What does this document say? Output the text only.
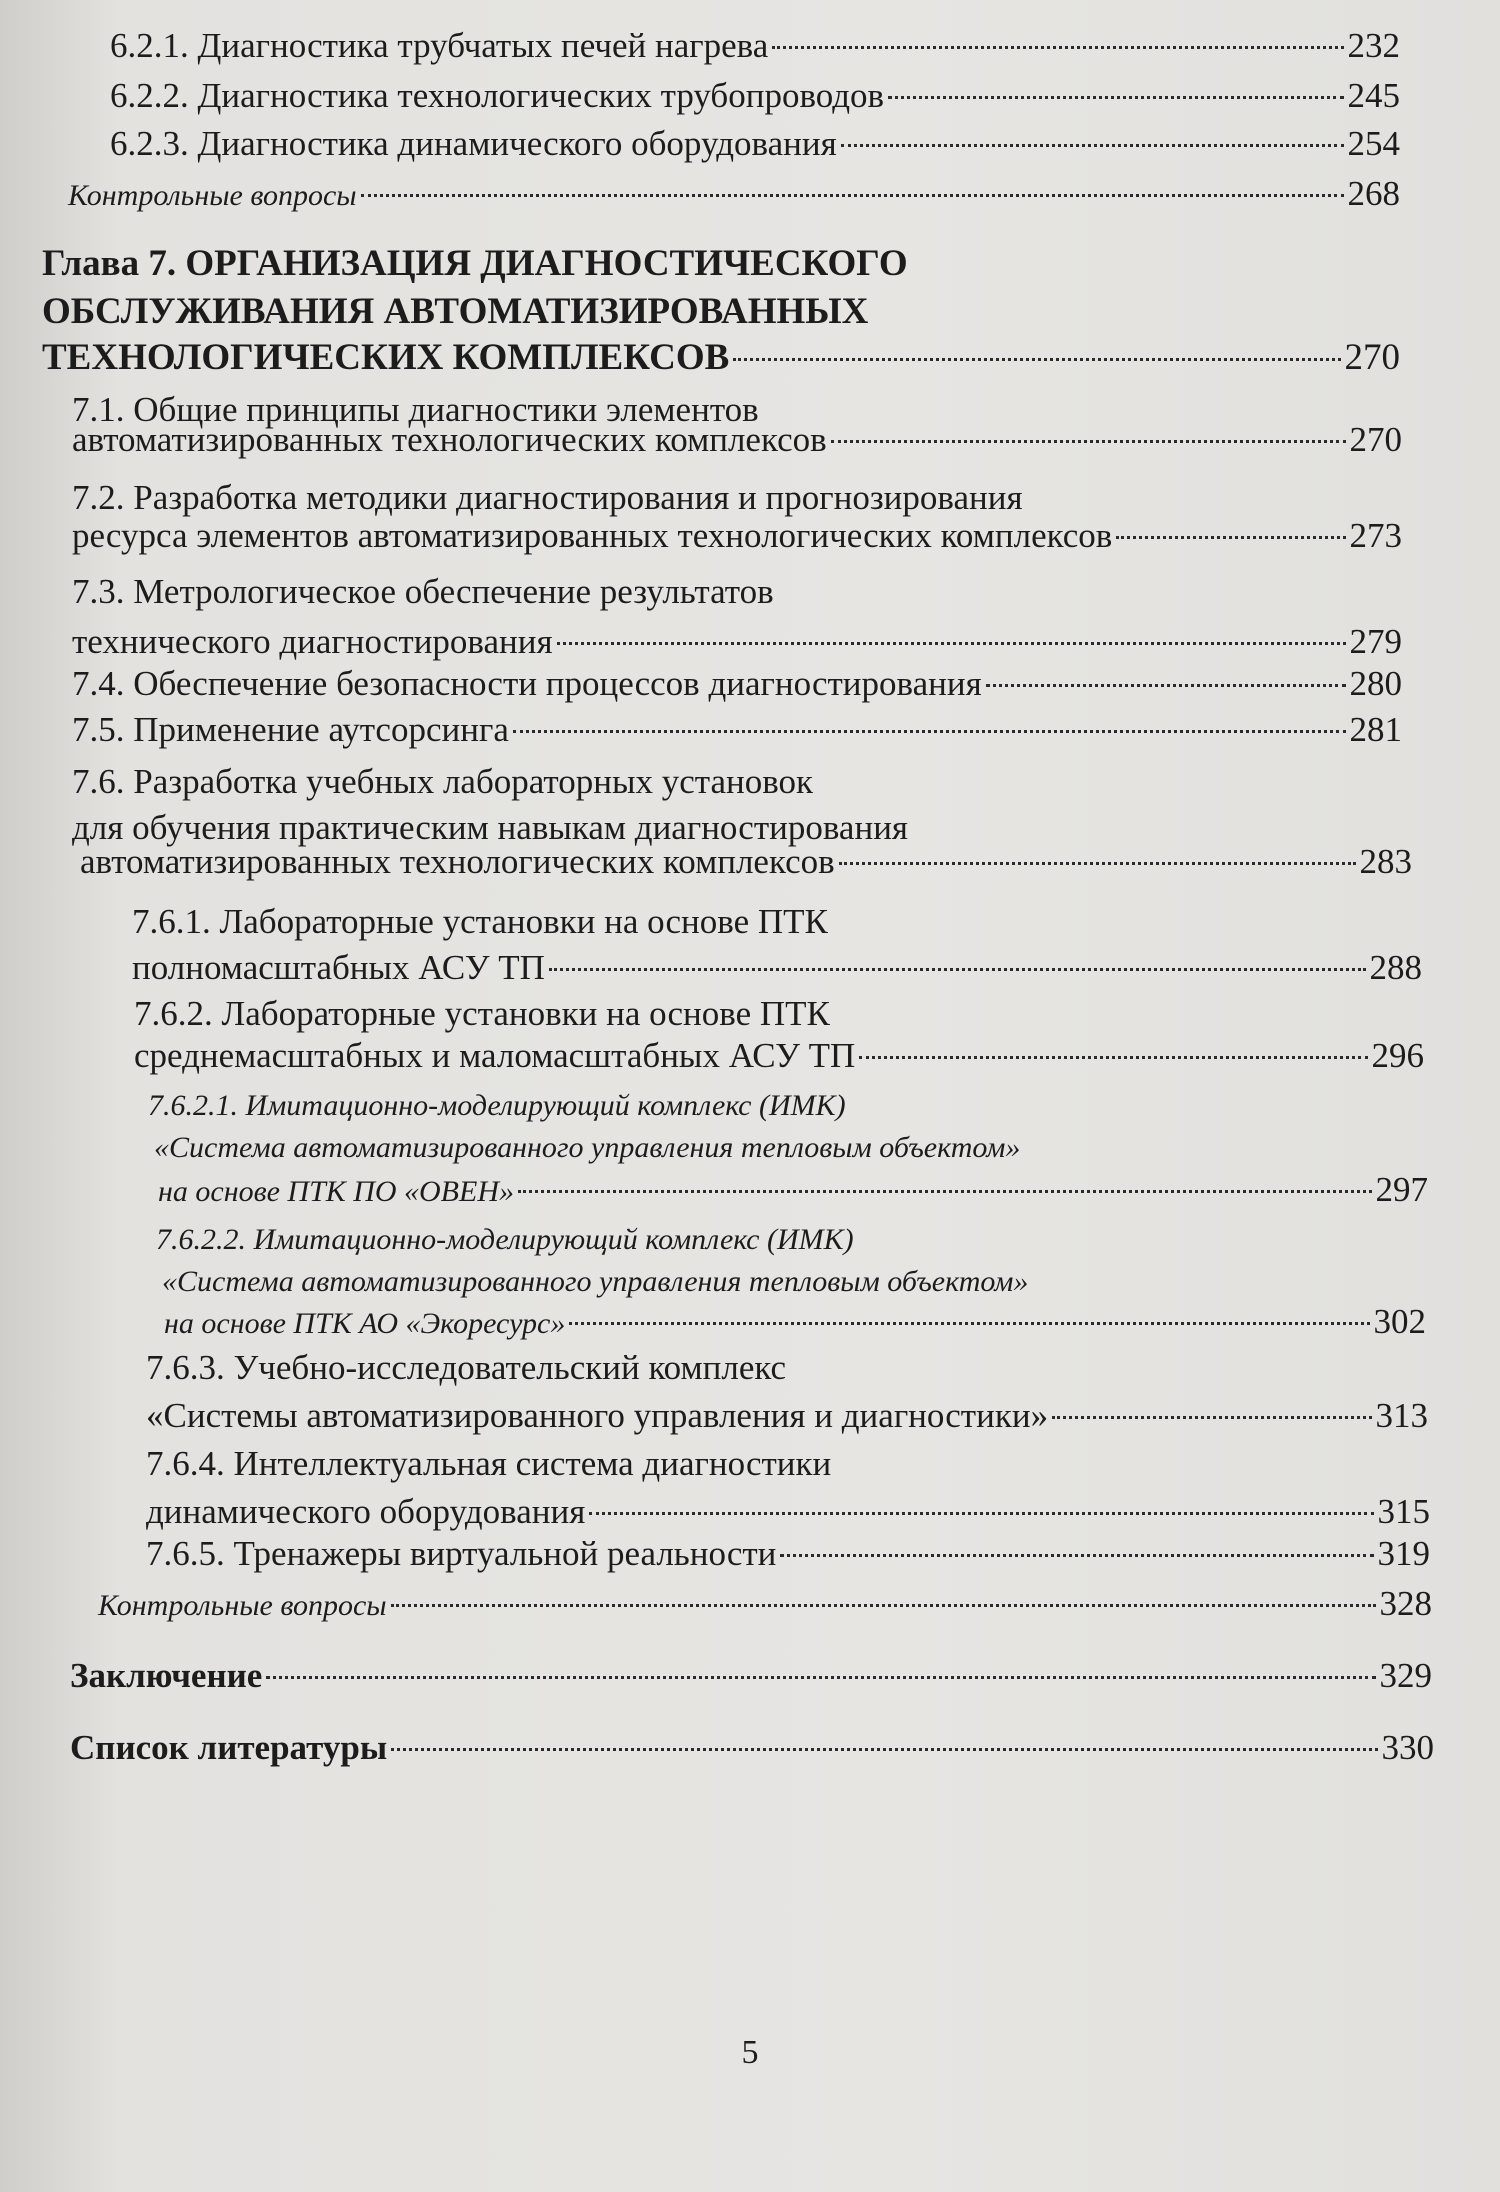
6.2.1. Диагностика трубчатых печей нагрева	232
6.2.2. Диагностика технологических трубопроводов	245
6.2.3. Диагностика динамического оборудования	254
Контрольные вопросы	268
Глава 7. ОРГАНИЗАЦИЯ ДИАГНОСТИЧЕСКОГО
ОБСЛУЖИВАНИЯ АВТОМАТИЗИРОВАННЫХ
ТЕХНОЛОГИЧЕСКИХ КОМПЛЕКСОВ	270
7.1. Общие принципы диагностики элементов
автоматизированных технологических комплексов	270
7.2. Разработка методики диагностирования и прогнозирования
ресурса элементов автоматизированных технологических комплексов	273
7.3. Метрологическое обеспечение результатов
технического диагностирования	279
7.4. Обеспечение безопасности процессов диагностирования	280
7.5. Применение аутсорсинга	281
7.6. Разработка учебных лабораторных установок
для обучения практическим навыкам диагностирования
автоматизированных технологических комплексов	283
7.6.1. Лабораторные установки на основе ПТК
полномасштабных АСУ ТП	288
7.6.2. Лабораторные установки на основе ПТК
среднемасштабных и маломасштабных АСУ ТП	296
7.6.2.1. Имитационно-моделирующий комплекс (ИМК)
«Система автоматизированного управления тепловым объектом»
на основе ПТК ПО «ОВЕН»	297
7.6.2.2. Имитационно-моделирующий комплекс (ИМК)
«Система автоматизированного управления тепловым объектом»
на основе ПТК АО «Экоресурс»	302
7.6.3. Учебно-исследовательский комплекс
«Системы автоматизированного управления и диагностики»	313
7.6.4. Интеллектуальная система диагностики
динамического оборудования	315
7.6.5. Тренажеры виртуальной реальности	319
Контрольные вопросы	328
Заключение	329
Список литературы	330
5
